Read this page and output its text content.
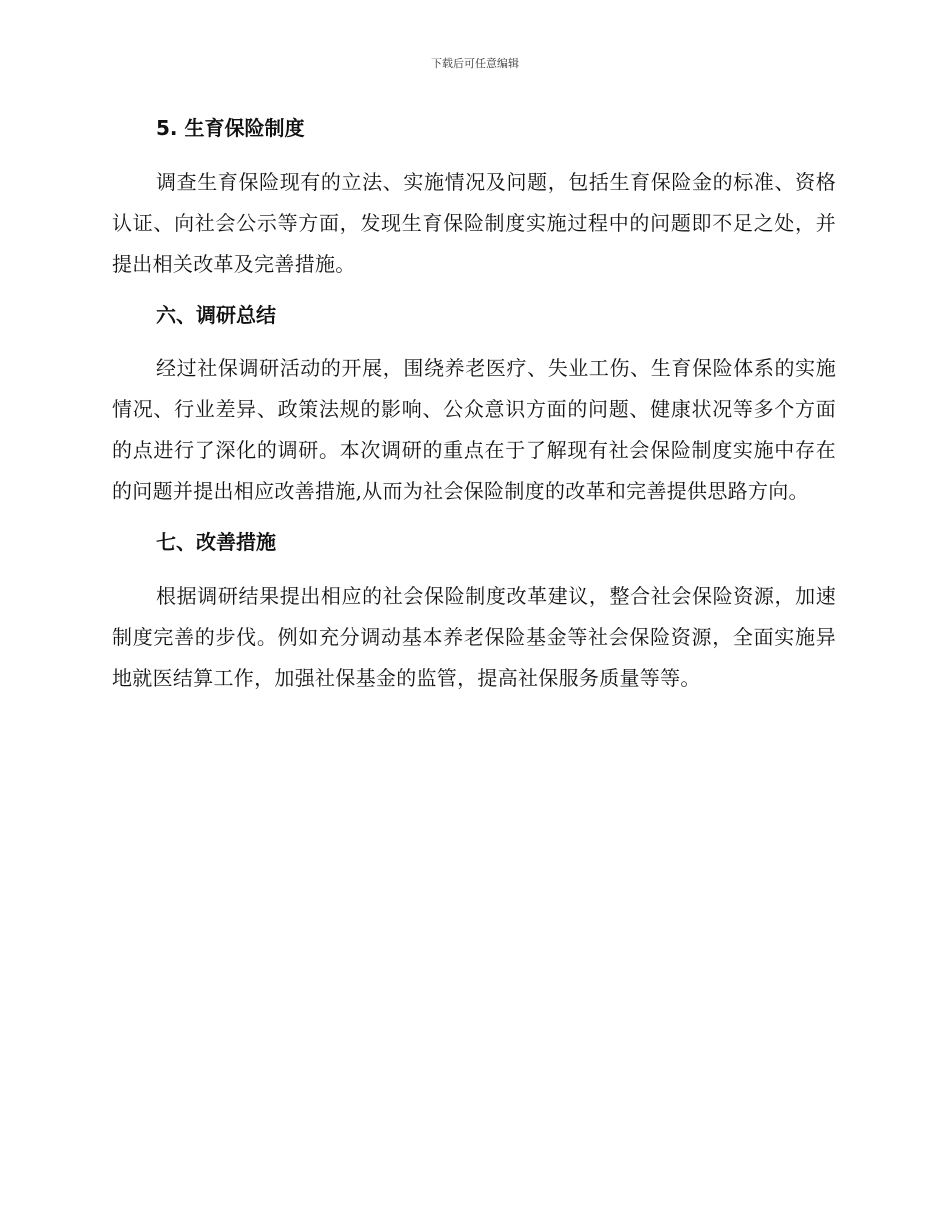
下载后可任意编辑
5. 生育保险制度

调查生育保险现有的立法、实施情况及问题，包括生育保险金的标准、资格认证、向社会公示等方面，发现生育保险制度实施过程中的问题即不足之处，并提出相关改革及完善措施。

六、调研总结

经过社保调研活动的开展，围绕养老医疗、失业工伤、生育保险体系的实施情况、行业差异、政策法规的影响、公众意识方面的问题、健康状况等多个方面的点进行了深化的调研。本次调研的重点在于了解现有社会保险制度实施中存在的问题并提出相应改善措施,从而为社会保险制度的改革和完善提供思路方向。

七、改善措施

根据调研结果提出相应的社会保险制度改革建议，整合社会保险资源，加速制度完善的步伐。例如充分调动基本养老保险基金等社会保险资源，全面实施异地就医结算工作，加强社保基金的监管，提高社保服务质量等等。
